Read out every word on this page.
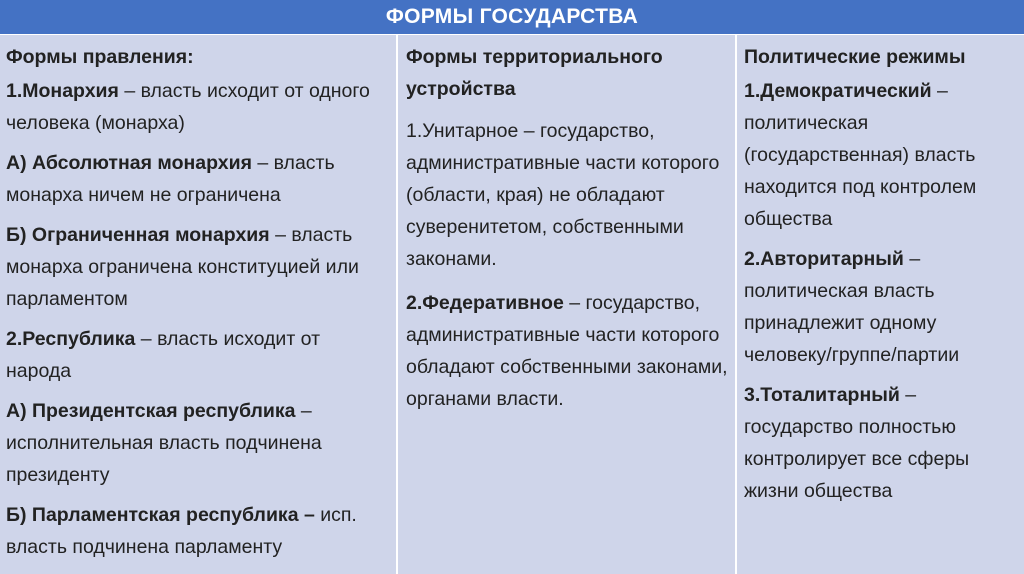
ФОРМЫ ГОСУДАРСТВА
Формы правления:
1.Монархия – власть исходит от одного человека (монарха)
А) Абсолютная монархия – власть монарха ничем не ограничена
Б) Ограниченная монархия – власть монарха ограничена конституцией или парламентом
2.Республика – власть исходит от народа
А) Президентская республика – исполнительная власть подчинена президенту
Б) Парламентская республика – исп. власть подчинена парламенту
Формы территориального устройства
1.Унитарное – государство, административные части которого (области, края) не обладают суверенитетом, собственными законами.
2.Федеративное – государство, административные части которого обладают собственными законами, органами власти.
Политические режимы
1.Демократический – политическая (государственная) власть находится под контролем общества
2.Авторитарный – политическая власть принадлежит одному человеку/группе/партии
3.Тоталитарный – государство полностью контролирует все сферы жизни общества
